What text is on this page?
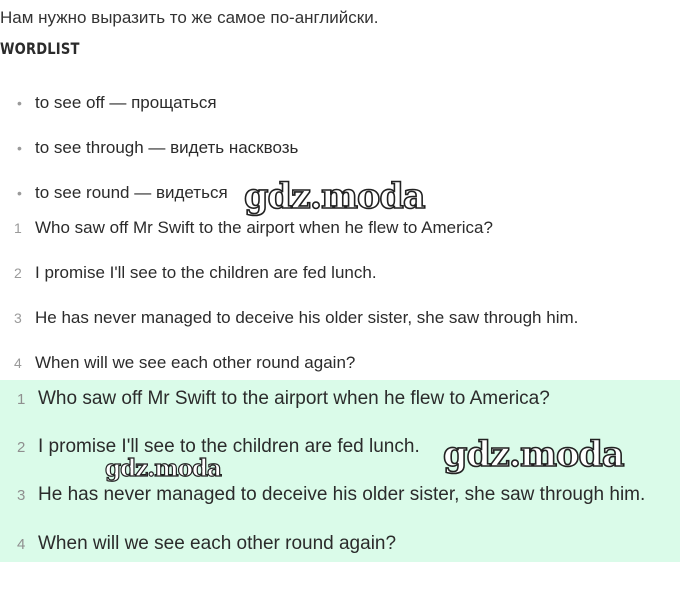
Нам нужно выразить то же самое по-английски.
WORDLIST
• to see off — прощаться
• to see through — видеть насквозь
• to see round — видеться
1 Who saw off Mr Swift to the airport when he flew to America?
2 I promise I'll see to the children are fed lunch.
3 He has never managed to deceive his older sister, she saw through him.
4 When will we see each other round again?
1 Who saw off Mr Swift to the airport when he flew to America?
2 I promise I'll see to the children are fed lunch.
3 He has never managed to deceive his older sister, she saw through him.
4 When will we see each other round again?
gdz.moda
gdz.moda
gdz.moda
